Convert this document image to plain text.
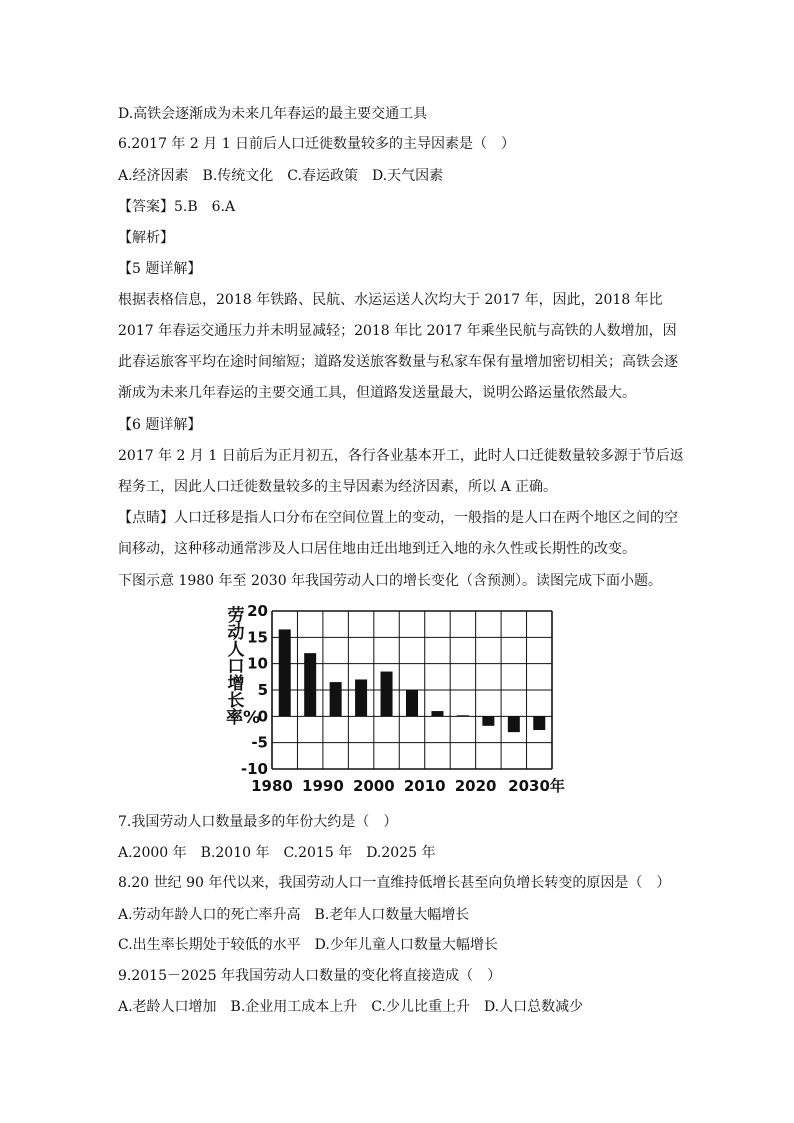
D.高铁会逐渐成为未来几年春运的最主要交通工具
6.2017 年 2 月 1 日前后人口迁徙数量较多的主导因素是（　）
A.经济因素　B.传统文化　C.春运政策　D.天气因素
【答案】5.B　6.A
【解析】
【5 题详解】
根据表格信息，2018 年铁路、民航、水运运送人次均大于 2017 年，因此，2018 年比 2017 年春运交通压力并未明显减轻；2018 年比 2017 年乘坐民航与高铁的人数增加，因此春运旅客平均在途时间缩短；道路发送旅客数量与私家车保有量增加密切相关；高铁会逐渐成为未来几年春运的主要交通工具，但道路发送量最大，说明公路运量依然最大。
【6 题详解】
2017 年 2 月 1 日前后为正月初五，各行各业基本开工，此时人口迁徙数量较多源于节后返程务工，因此人口迁徙数量较多的主导因素为经济因素，所以 A 正确。
【点睛】人口迁移是指人口分布在空间位置上的变动，一般指的是人口在两个地区之间的空间移动，这种移动通常涉及人口居住地由迁出地到迁入地的永久性或长期性的改变。
下图示意 1980 年至 2030 年我国劳动人口的增长变化（含预测）。读图完成下面小题。
劳动人口增长率%
20
15
10
5
0
-5
-10
1980 1990 2000 2010 2020 2030年
7.我国劳动人口数量最多的年份大约是（　）
A.2000 年　B.2010 年　C.2015 年　D.2025 年
8.20 世纪 90 年代以来，我国劳动人口一直维持低增长甚至向负增长转变的原因是（　）
A.劳动年龄人口的死亡率升高　B.老年人口数量大幅增长
C.出生率长期处于较低的水平　D.少年儿童人口数量大幅增长
9.2015－2025 年我国劳动人口数量的变化将直接造成（　）
A.老龄人口增加　B.企业用工成本上升　C.少儿比重上升　D.人口总数减少
